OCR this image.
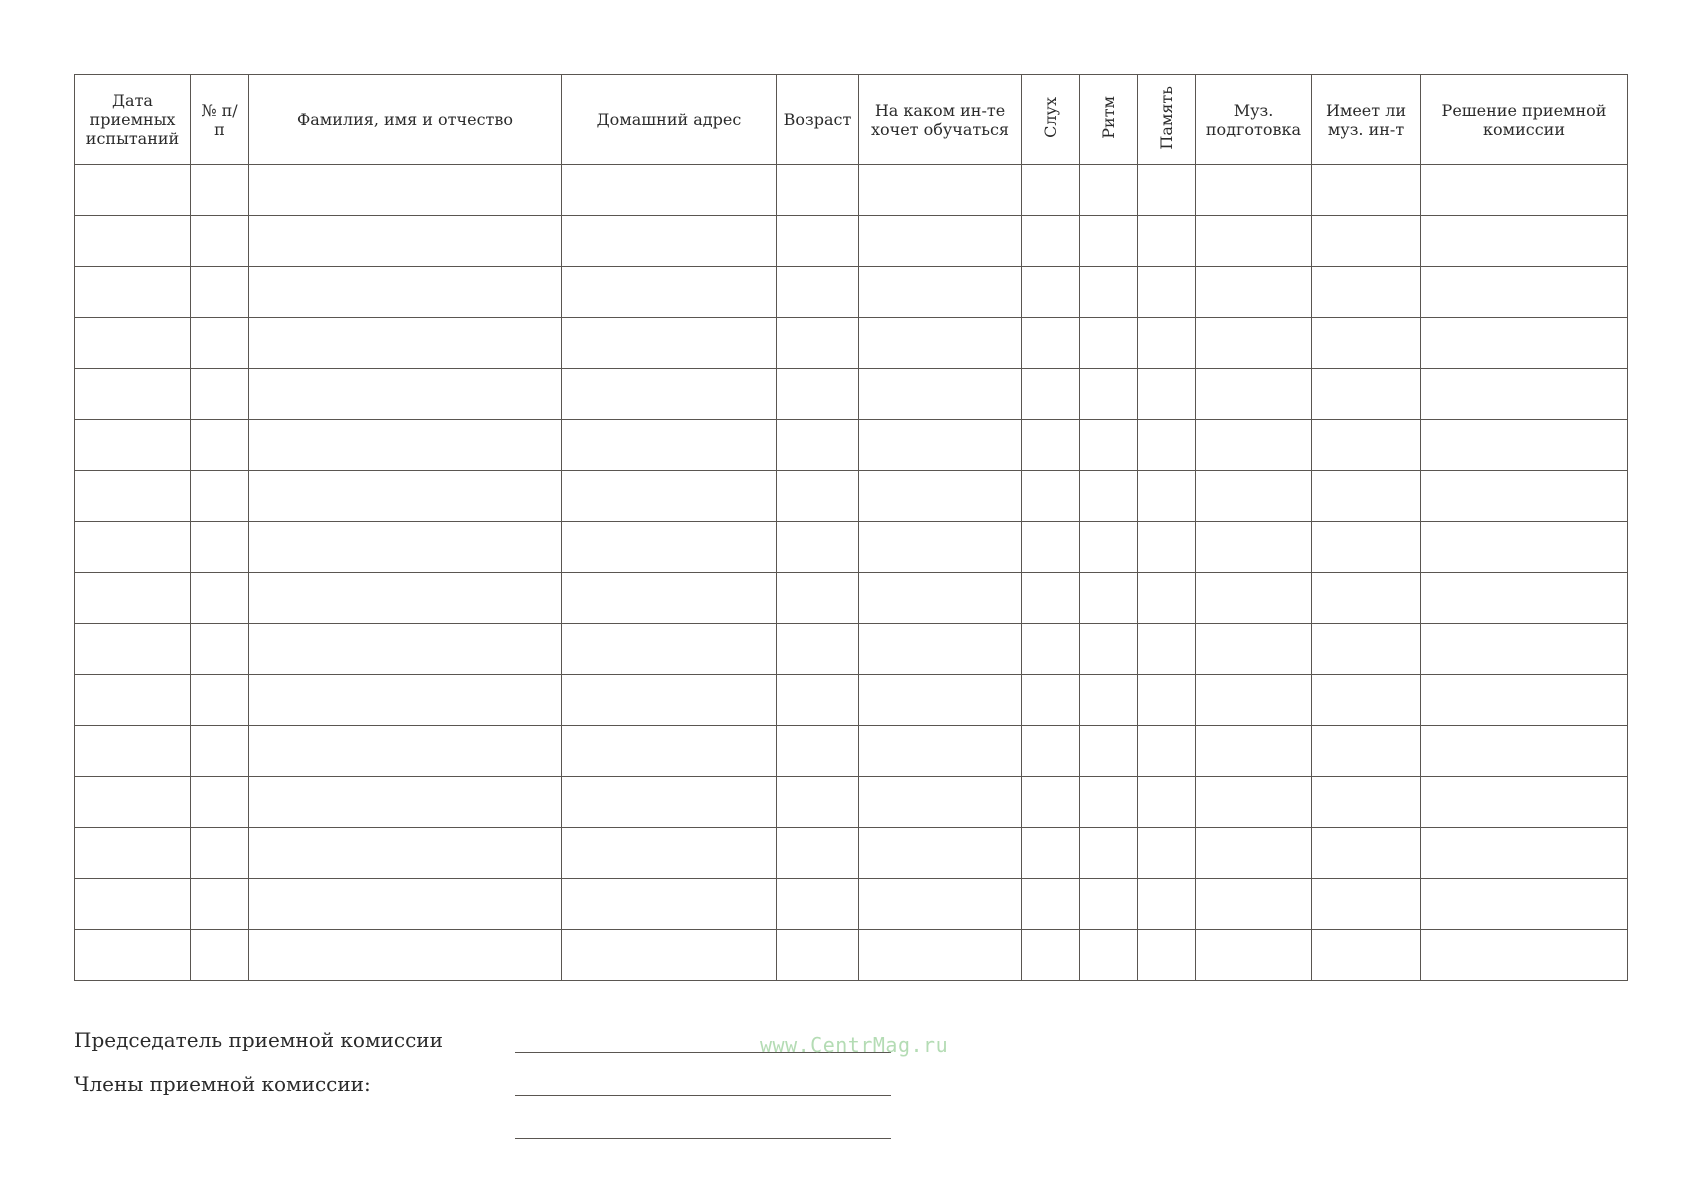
Дата приемных испытаний	№ п/ п	Фамилия, имя и отчество	Домашний адрес	Возраст	На каком ин-те хочет обучаться	Слух	Ритм	Память	Муз. подготовка	Имеет ли муз. ин-т	Решение приемной комиссии

Председатель приемной комиссии	www.CentrMag.ru
Члены приемной комиссии:
